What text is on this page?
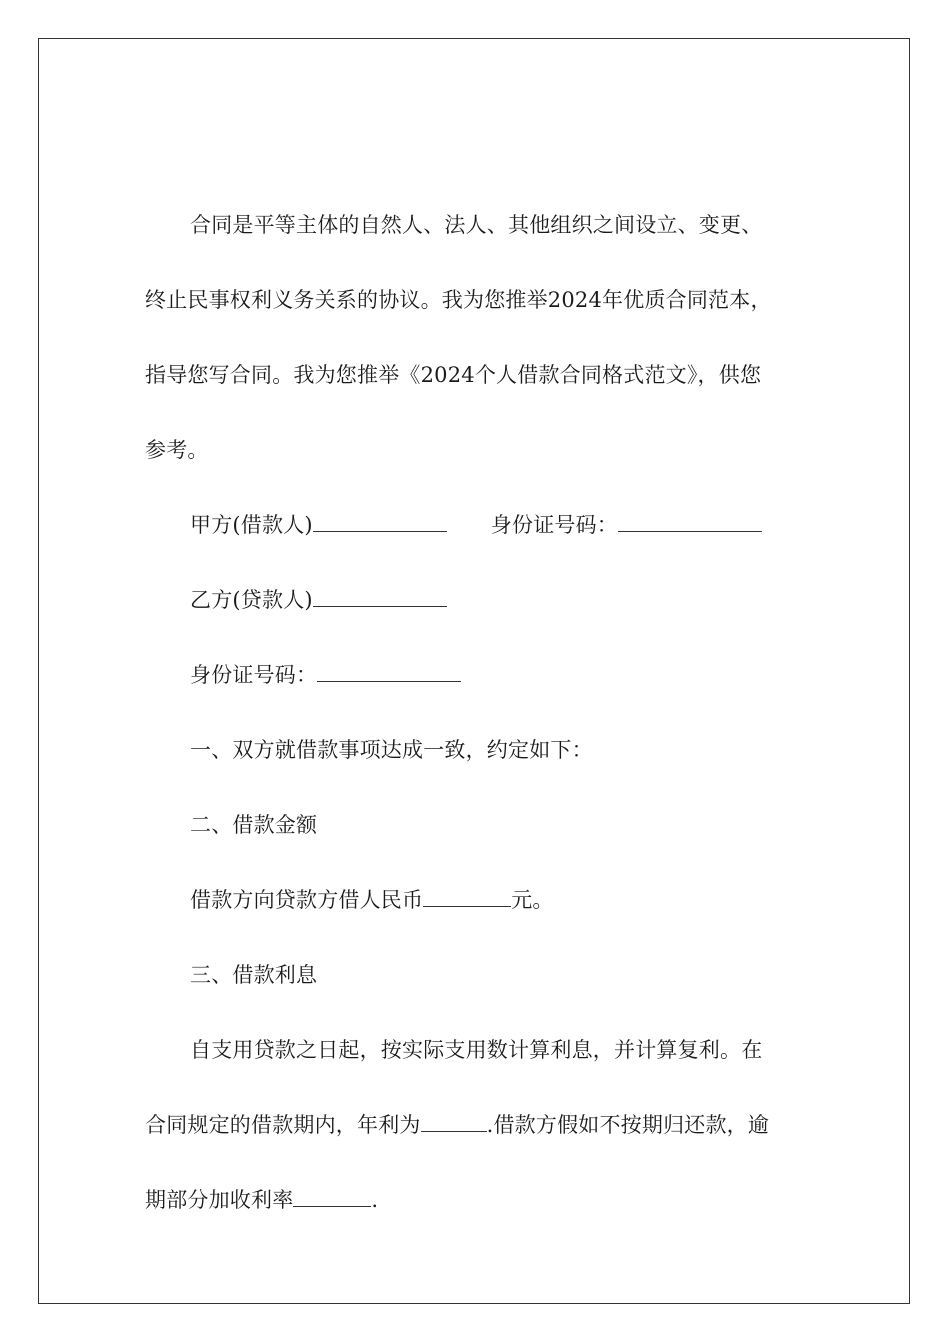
合同是平等主体的自然人、法人、其他组织之间设立、变更、
终止民事权利义务关系的协议。我为您推举2024年优质合同范本，
指导您写合同。我为您推举《2024个人借款合同格式范文》，供您
参考。
甲方(借款人)	身份证号码：
乙方(贷款人)
身份证号码：
一、双方就借款事项达成一致，约定如下：
二、借款金额
借款方向贷款方借人民币	元。
三、借款利息
自支用贷款之日起，按实际支用数计算利息，并计算复利。在
合同规定的借款期内，年利为	.借款方假如不按期归还款，逾
期部分加收利率	.
